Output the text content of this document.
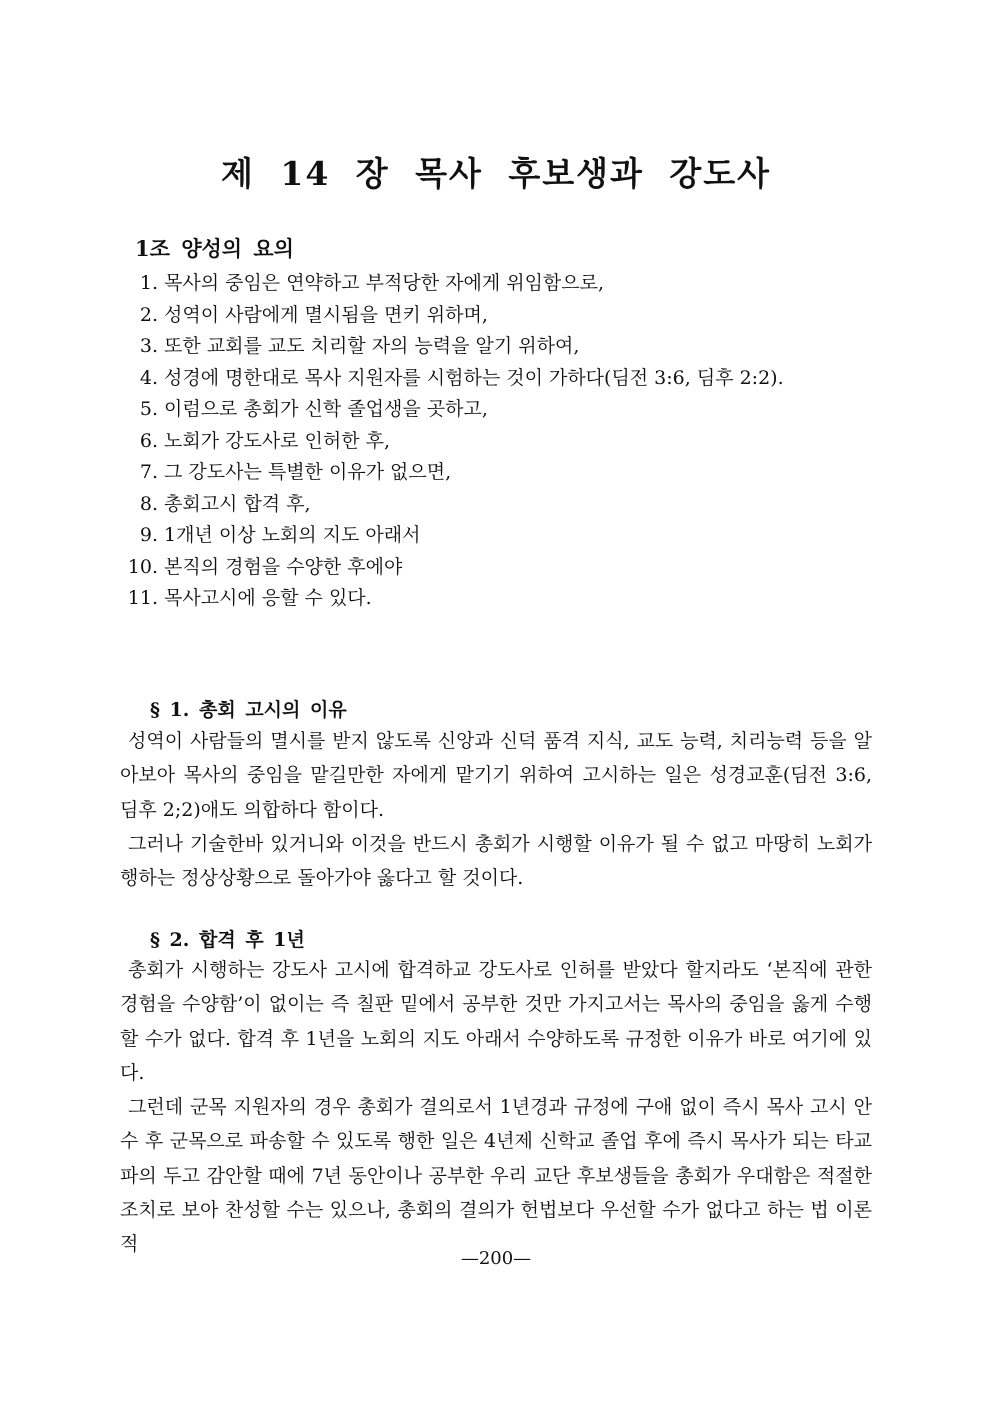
제 14 장 목사 후보생과 강도사
1조 양성의 요의
1. 목사의 중임은 연약하고 부적당한 자에게 위임함으로,
2. 성역이 사람에게 멸시됨을 면키 위하며,
3. 또한 교회를 교도 치리할 자의 능력을 알기 위하여,
4. 성경에 명한대로 목사 지원자를 시험하는 것이 가하다(딤전 3:6, 딤후 2:2).
5. 이럼으로 총회가 신학 졸업생을 곳하고,
6. 노회가 강도사로 인허한 후,
7. 그 강도사는 특별한 이유가 없으면,
8. 총회고시 합격 후,
9. 1개년 이상 노회의 지도 아래서
10. 본직의 경험을 수양한 후에야
11. 목사고시에 응할 수 있다.
§ 1. 총회 고시의 이유

성역이 사람들의 멸시를 받지 않도록 신앙과 신덕 품격 지식, 교도 능력, 치리능력 등을 알아보아 목사의 중임을 맡길만한 자에게 맡기기 위하여 고시하는 일은 성경교훈(딤전 3:6, 딤후 2;2)애도 의합하다 함이다.

그러나 기술한바 있거니와 이것을 반드시 총회가 시행할 이유가 될 수 없고 마땅히 노회가 행하는 정상상황으로 돌아가야 옳다고 할 것이다.

§ 2. 합격 후 1년

총회가 시행하는 강도사 고시에 합격하교 강도사로 인허를 받았다 할지라도 ‘본직에 관한 경험을 수양함’이 없이는 즉 칠판 밑에서 공부한 것만 가지고서는 목사의 중임을 옳게 수행할 수가 없다. 합격 후 1년을 노회의 지도 아래서 수양하도록 규정한 이유가 바로 여기에 있다.

그런데 군목 지원자의 경우 총회가 결의로서 1년경과 규정에 구애 없이 즉시 목사 고시 안수 후 군목으로 파송할 수 있도록 행한 일은 4년제 신학교 졸업 후에 즉시 목사가 되는 타교파의 두고 감안할 때에 7년 동안이나 공부한 우리 교단 후보생들을 총회가 우대함은 적절한 조치로 보아 찬성할 수는 있으나, 총회의 결의가 헌법보다 우선할 수가 없다고 하는 법 이론적

—200—
